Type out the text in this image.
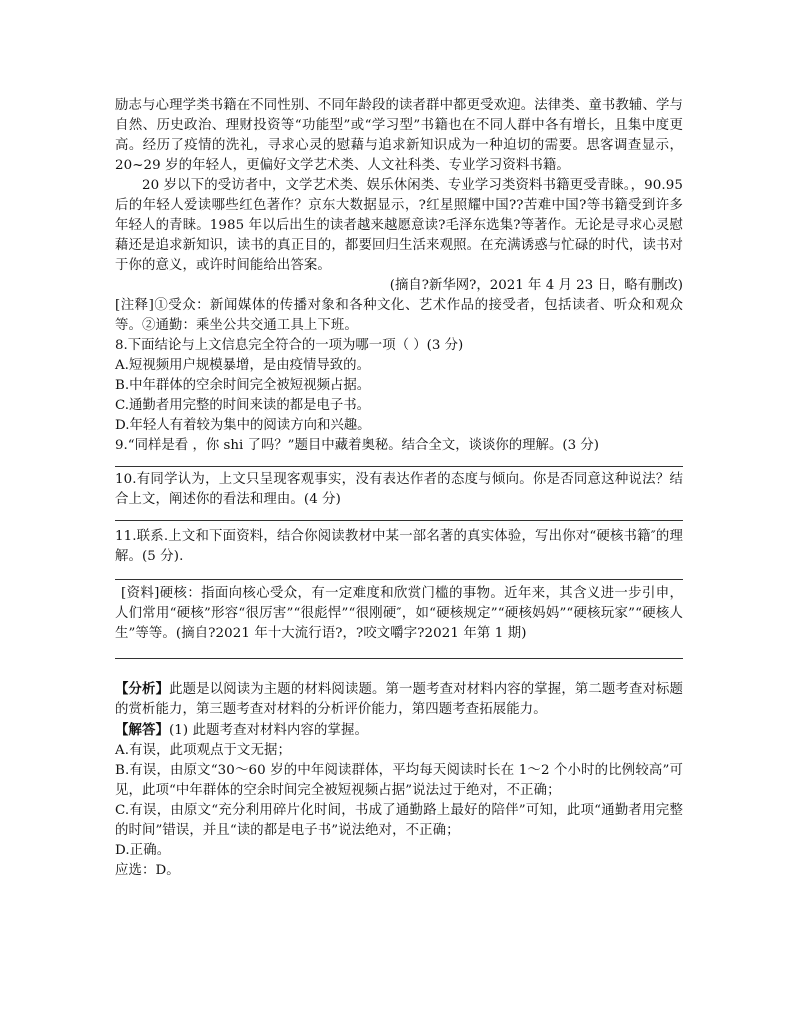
励志与心理学类书籍在不同性别、不同年龄段的读者群中都更受欢迎。法律类、童书教辅、学与自然、历史政治、理财投资等“功能型”或“学习型”书籍也在不同人群中各有增长，且集中度更高。经历了疫情的洗礼，寻求心灵的慰藉与追求新知识成为一种迫切的需要。思客调查显示，20~29 岁的年轻人，更偏好文学艺术类、人文社科类、专业学习资料书籍。

20 岁以下的受访者中，文学艺术类、娱乐休闲类、专业学习类资料书籍更受青睐。，90.95 后的年轻人爱读哪些红色著作？京东大数据显示，?红星照耀中国??苦难中国?等书籍受到许多年轻人的青睐。1985 年以后出生的读者越来越愿意读?毛泽东选集?等著作。无论是寻求心灵慰藉还是追求新知识，读书的真正目的，都要回归生活来观照。在充满诱惑与忙碌的时代，读书对于你的意义，或许时间能给出答案。

(摘自?新华网?，2021 年 4 月 23 日，略有删改)

[注释]①受众：新闻媒体的传播对象和各种文化、艺术作品的接受者，包括读者、听众和观众等。②通勤：乘坐公共交通工具上下班。

8.下面结论与上文信息完全符合的一项为哪一项（ ）(3 分)

A.短视频用户规模暴增，是由疫情导致的。

B.中年群体的空余时间完全被短视频占据。

C.通勤者用完整的时间来读的都是电子书。

D.年轻人有着较为集中的阅读方向和兴趣。

9.“同样是看 ，你 shi 了吗？”题目中藏着奥秘。结合全文，谈谈你的理解。(3 分)

10.有同学认为，上文只呈现客观事实，没有表达作者的态度与倾向。你是否同意这种说法？结合上文，阐述你的看法和理由。(4 分)

11.联系.上文和下面资料，结合你阅读教材中某一部名著的真实体验，写出你对“硬核书籍″的理解。(5 分).

[资料]硬核：指面向核心受众，有一定难度和欣赏门槛的事物。近年来，其含义进一步引申，人们常用“硬核”形容“很厉害”“很彪悍”“很刚硬″，如“硬核规定”“硬核妈妈”“硬核玩家”“硬核人生”等等。(摘自?2021 年十大流行语?，?咬文嚼字?2021 年第 1 期)

【分析】此题是以阅读为主题的材料阅读题。第一题考查对材料内容的掌握，第二题考查对标题的赏析能力，第三题考查对材料的分析评价能力，第四题考查拓展能力。

【解答】(1) 此题考查对材料内容的掌握。

A.有误，此项观点于文无据；

B.有误，由原文“30～60 岁的中年阅读群体，平均每天阅读时长在 1～2 个小时的比例较高”可见，此项“中年群体的空余时间完全被短视频占据”说法过于绝对，不正确；

C.有误，由原文“充分利用碎片化时间，书成了通勤路上最好的陪伴”可知，此项“通勤者用完整的时间”错误，并且“读的都是电子书”说法绝对，不正确；

D.正确。

应选：D。
